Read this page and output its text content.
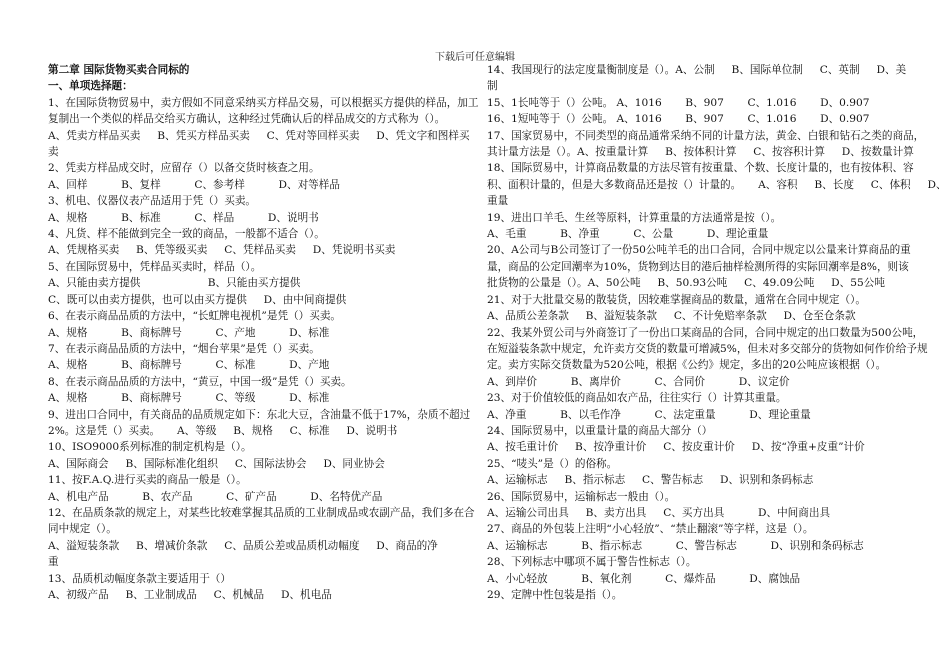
下载后可任意编辑
第二章 国际货物买卖合同标的
一、单项选择题：
1、在国际货物贸易中，卖方假如不同意采纳买方样品交易，可以根据买方提供的样品，加工
复制出一个类似的样品交给买方确认，这种经过凭确认后的样品成交的方式称为（）。
A、凭卖方样品买卖     B、凭买方样品买卖     C、凭对等回样买卖     D、凭文字和图样买
卖
2、凭卖方样品成交时，应留存（）以备交货时核查之用。
A、回样          B、复样          C、参考样          D、对等样品
3、机电、仪器仪表产品适用于凭（）买卖。
A、规格          B、标准          C、样品          D、说明书
4、凡货、样不能做到完全一致的商品，一般都不适合（）。
A、凭规格买卖     B、凭等级买卖     C、凭样品买卖     D、凭说明书买卖
5、在国际贸易中，凭样品买卖时，样品（）。
A、只能由卖方提供                    B、只能由买方提供
C、既可以由卖方提供，也可以由买方提供     D、由中间商提供
6、在表示商品品质的方法中，“长虹牌电视机”是凭（）买卖。
A、规格          B、商标牌号          C、产地          D、标准
7、在表示商品品质的方法中，“烟台苹果”是凭（）买卖。
A、规格          B、商标牌号          C、标准          D、产地
8、在表示商品品质的方法中，“黄豆，中国一级”是凭（）买卖。
A、规格          B、商标牌号          C、等级          D、标准
9、进出口合同中，有关商品的品质规定如下：东北大豆，含油量不低于17%，杂质不超过
2%。这是凭（）买卖。     A、等级     B、规格     C、标准     D、说明书
10、ISO9000系列标准的制定机构是（）。
A、国际商会     B、国际标准化组织     C、国际法协会     D、同业协会
11、按F.A.Q.进行买卖的商品一般是（）。
A、机电产品          B、农产品          C、矿产品          D、名特优产品
12、在品质条款的规定上，对某些比较难掌握其品质的工业制成品或农副产品，我们多在合
同中规定（）。
A、溢短装条款     B、增减价条款     C、品质公差或品质机动幅度     D、商品的净
重
13、品质机动幅度条款主要适用于（）
A、初级产品     B、工业制成品     C、机械品     D、机电品
14、我国现行的法定度量衡制度是（）。A、公制     B、国际单位制     C、英制     D、美
制
15、1长吨等于（）公吨。 A、1016       B、907       C、1.016       D、0.907
16、1短吨等于（）公吨。 A、1016       B、907       C、1.016       D、0.907
17、国家贸易中，不同类型的商品通常采纳不同的计量方法，黄金、白银和钻石之类的商品，
其计量方法是（）。A、按重量计算     B、按体积计算     C、按容积计算     D、按数量计算
18、国际贸易中，计算商品数量的方法尽管有按重量、个数、长度计量的，也有按体积、容
积、面积计量的，但是大多数商品还是按（）计量的。     A、容积     B、长度     C、体积     D、
重量
19、进出口羊毛、生丝等原料，计算重量的方法通常是按（）。
A、毛重          B、净重          C、公量          D、理论重量
20、A公司与B公司签订了一份50公吨羊毛的出口合同，合同中规定以公量来计算商品的重
量，商品的公定回潮率为10%，货物到达目的港后抽样检测所得的实际回潮率是8%，则该
批货物的公量是（）。A、50公吨     B、50.93公吨     C、49.09公吨     D、55公吨
21、对于大批量交易的散装货，因较难掌握商品的数量，通常在合同中规定（）。
A、品质公差条款     B、溢短装条款     C、不计免赔率条款     D、仓至仓条款
22、我某外贸公司与外商签订了一份出口某商品的合同，合同中规定的出口数量为500公吨，
在短溢装条款中规定，允许卖方交货的数量可增减5%，但未对多交部分的货物如何作价给予规
定。卖方实际交货数量为520公吨，根据《公约》规定，多出的20公吨应该根据（）。
A、到岸价          B、离岸价          C、合同价          D、议定价
23、对于价值较低的商品如农产品，往往实行（）计算其重量。
A、净重          B、以毛作净          C、法定重量          D、理论重量
24、国际贸易中，以重量计量的商品大部分（）
A、按毛重计价     B、按净重计价     C、按皮重计价     D、按“净重+皮重”计价
25、“唛头”是（）的俗称。
A、运输标志     B、指示标志     C、警告标志     D、识别和条码标志
26、国际贸易中，运输标志一般由（）。
A、运输公司出具     B、卖方出具     C、买方出具          D、中间商出具
27、商品的外包装上注明“小心轻放”、“禁止翻滚”等字样，这是（）。
A、运输标志          B、指示标志          C、警告标志          D、识别和条码标志
28、下列标志中哪项不属于警告性标志（）。
A、小心轻放          B、氧化剂          C、爆炸品          D、腐蚀品
29、定牌中性包装是指（）。
